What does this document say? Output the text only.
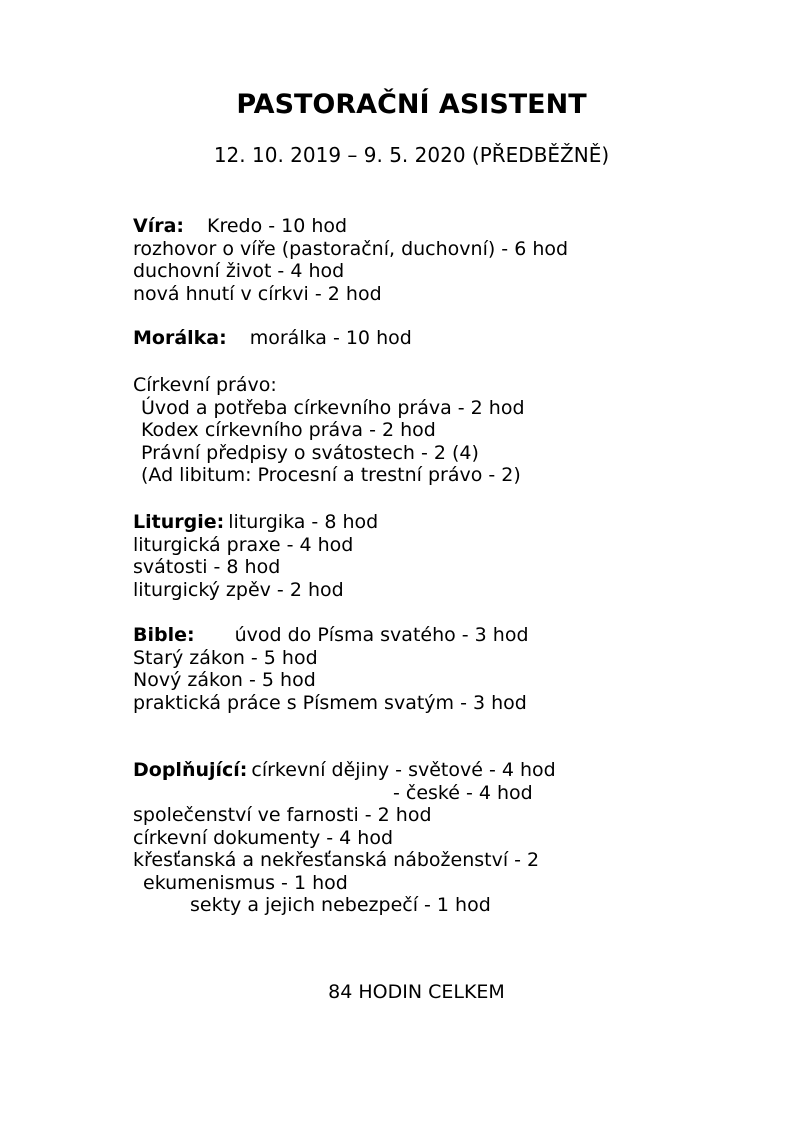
PASTORAČNÍ ASISTENT
12. 10. 2019 – 9. 5. 2020 (PŘEDBĚŽNĚ)
Víra: Kredo - 10 hod
rozhovor o víře (pastorační, duchovní) - 6 hod
duchovní život - 4 hod
nová hnutí v církvi - 2 hod
Morálka: morálka - 10 hod
Církevní právo:
Úvod a potřeba církevního práva - 2 hod
Kodex církevního práva - 2 hod
Právní předpisy o svátostech - 2 (4)
(Ad libitum: Procesní a trestní právo - 2)
Liturgie: liturgika - 8 hod
liturgická praxe - 4 hod
svátosti - 8 hod
liturgický zpěv - 2 hod
Bible: úvod do Písma svatého - 3 hod
Starý zákon - 5 hod
Nový zákon - 5 hod
praktická práce s Písmem svatým - 3 hod
Doplňující: církevní dějiny - světové - 4 hod
- české - 4 hod
společenství ve farnosti - 2 hod
církevní dokumenty - 4 hod
křesťanská a nekřesťanská náboženství - 2
ekumenismus - 1 hod
sekty a jejich nebezpečí - 1 hod
84 HODIN CELKEM
